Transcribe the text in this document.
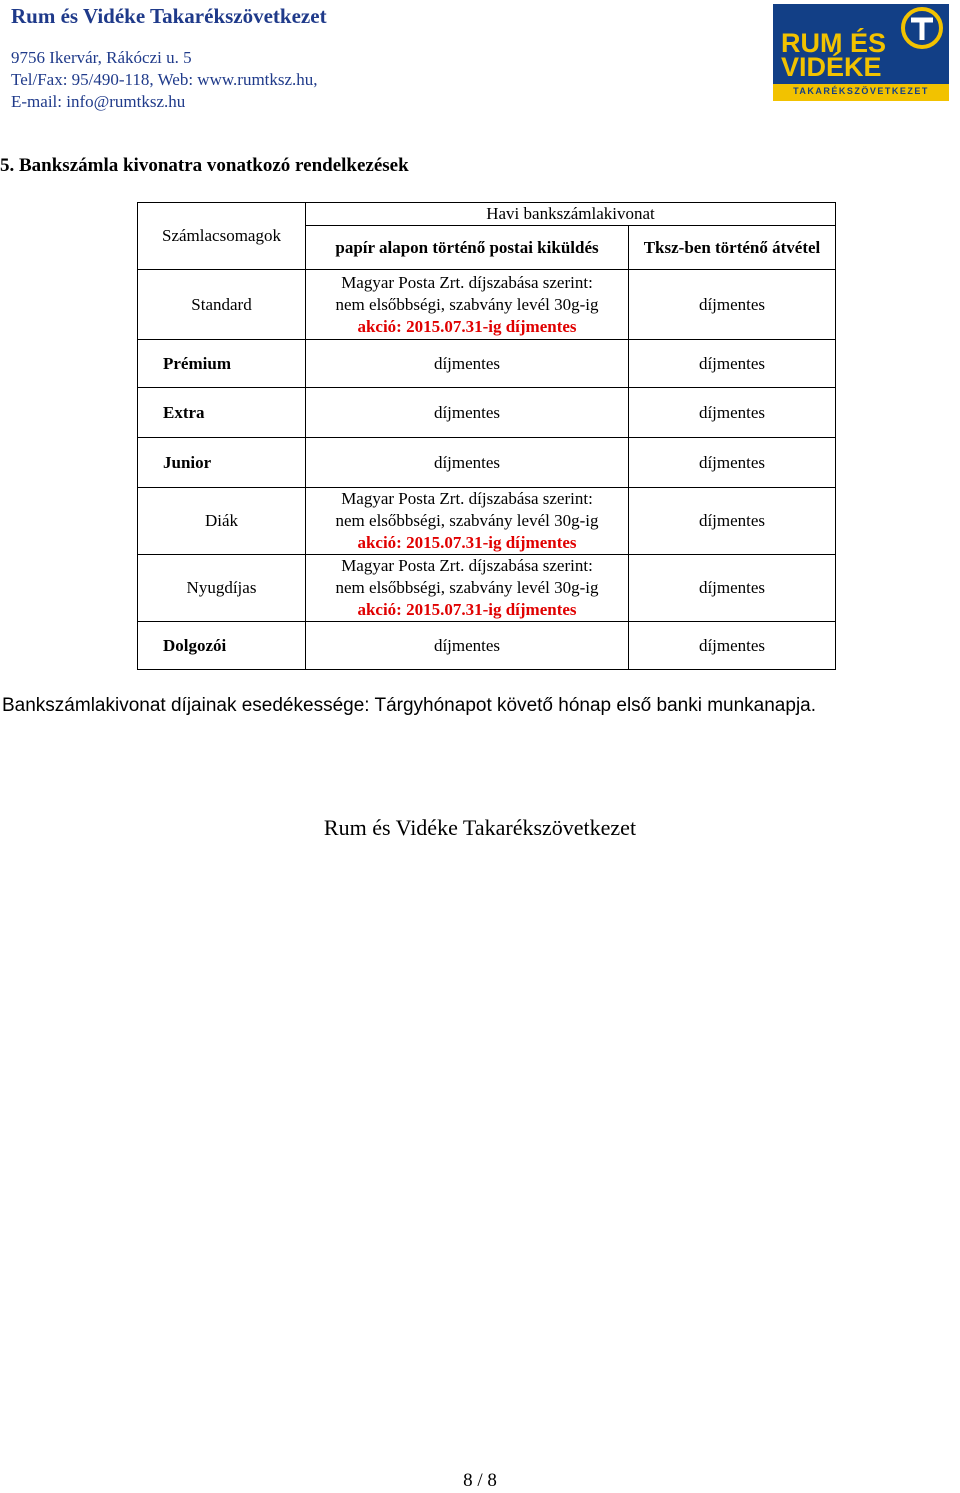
Rum és Vidéke Takarékszövetkezet
9756 Ikervár, Rákóczi u. 5
Tel/Fax: 95/490-118, Web: www.rumtksz.hu,
E-mail: info@rumtksz.hu
RUM ÉS
VIDÉKE
TAKARÉKSZÖVETKEZET
5. Bankszámla kivonatra vonatkozó rendelkezések
Számlacsomagok	Havi bankszámlakivonat	
	papír alapon történő postai kiküldés	Tksz-ben történő átvétel
Standard	Magyar Posta Zrt. díjszabása szerint:
nem elsőbbségi, szabvány levél 30g-ig
akció: 2015.07.31-ig díjmentes	díjmentes
Prémium	díjmentes	díjmentes
Extra	díjmentes	díjmentes
Junior	díjmentes	díjmentes
Diák	Magyar Posta Zrt. díjszabása szerint:
nem elsőbbségi, szabvány levél 30g-ig
akció: 2015.07.31-ig díjmentes	díjmentes
Nyugdíjas	Magyar Posta Zrt. díjszabása szerint:
nem elsőbbségi, szabvány levél 30g-ig
akció: 2015.07.31-ig díjmentes	díjmentes
Dolgozói	díjmentes	díjmentes
Bankszámlakivonat díjainak esedékessége: Tárgyhónapot követő hónap első banki munkanapja.
Rum és Vidéke Takarékszövetkezet
8 / 8
